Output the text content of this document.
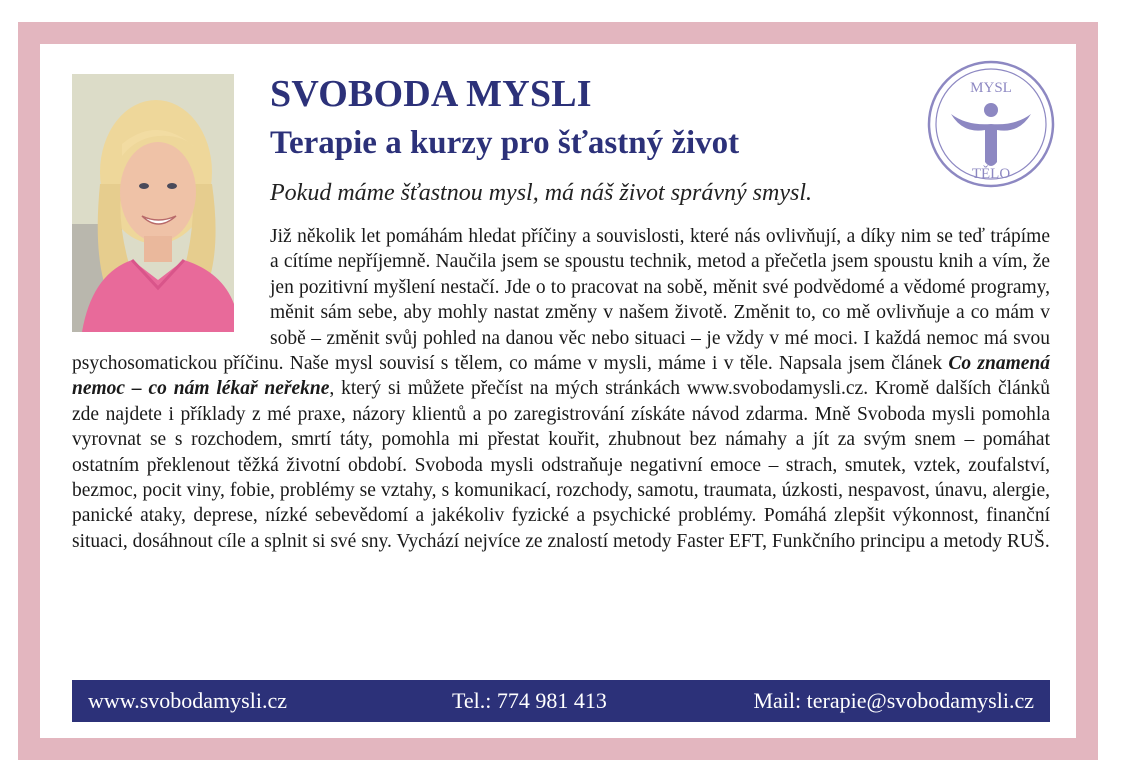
SVOBODA MYSLI
Terapie a kurzy pro šťastný život

Pokud máme šťastnou mysl, má náš život správný smysl.

MYSL
TĚLO

Již několik let pomáhám hledat příčiny a souvislosti, které nás ovlivňují, a díky nim se teď trápíme a cítíme nepříjemně. Naučila jsem se spoustu technik, metod a přečetla jsem spoustu knih a vím, že jen pozitivní myšlení nestačí. Jde o to pracovat na sobě, měnit své podvědomé a vědomé programy, měnit sám sebe, aby mohly nastat změny v našem životě. Změnit to, co mě ovlivňuje a co mám v sobě – změnit svůj pohled na danou věc nebo situaci – je vždy v mé moci. I každá nemoc má svou psychosomatickou příčinu. Naše mysl souvisí s tělem, co máme v mysli, máme i v těle. Napsala jsem článek Co znamená nemoc – co nám lékař neřekne, který si můžete přečíst na mých stránkách www.svobodamysli.cz. Kromě dalších článků zde najdete i příklady z mé praxe, názory klientů a po zaregistrování získáte návod zdarma. Mně Svoboda mysli pomohla vyrovnat se s rozchodem, smrtí táty, pomohla mi přestat kouřit, zhubnout bez námahy a jít za svým snem – pomáhat ostatním překlenout těžká životní období. Svoboda mysli odstraňuje negativní emoce – strach, smutek, vztek, zoufalství, bezmoc, pocit viny, fobie, problémy se vztahy, s komunikací, rozchody, samotu, traumata, úzkosti, nespavost, únavu, alergie, panické ataky, deprese, nízké sebevědomí a jakékoliv fyzické a psychické problémy. Pomáhá zlepšit výkonnost, finanční situaci, dosáhnout cíle a splnit si své sny. Vychází nejvíce ze znalostí metody Faster EFT, Funkčního principu a metody RUŠ.

www.svobodamysli.cz	Tel.: 774 981 413	Mail: terapie@svobodamysli.cz
